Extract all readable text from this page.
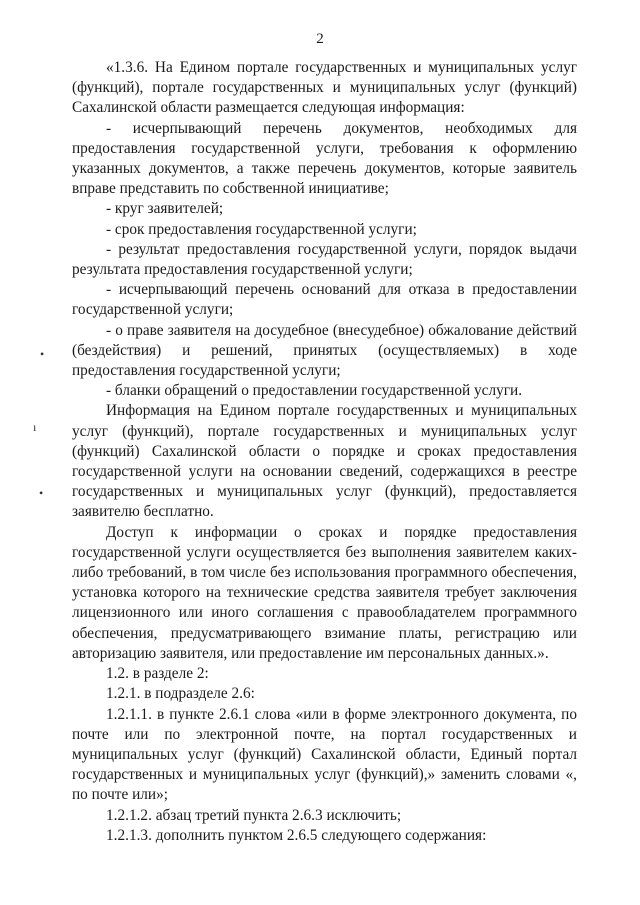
2
•
ı
•

«1.3.6. На Едином портале государственных и муниципальных услуг (функций), портале государственных и муниципальных услуг (функций) Сахалинской области размещается следующая информация:

- исчерпывающий перечень документов, необходимых для предоставления государственной услуги, требования к оформлению указанных документов, а также перечень документов, которые заявитель вправе представить по собственной инициативе;

- круг заявителей;

- срок предоставления государственной услуги;

- результат предоставления государственной услуги, порядок выдачи результата предоставления государственной услуги;

- исчерпывающий перечень оснований для отказа в предоставлении государственной услуги;

- о праве заявителя на досудебное (внесудебное) обжалование действий (бездействия) и решений, принятых (осуществляемых) в ходе предоставления государственной услуги;

- бланки обращений о предоставлении государственной услуги.

Информация на Едином портале государственных и муниципальных услуг (функций), портале государственных и муниципальных услуг (функций) Сахалинской области о порядке и сроках предоставления государственной услуги на основании сведений, содержащихся в реестре государственных и муниципальных услуг (функций), предоставляется заявителю бесплатно.

Доступ к информации о сроках и порядке предоставления государственной услуги осуществляется без выполнения заявителем каких-либо требований, в том числе без использования программного обеспечения, установка которого на технические средства заявителя требует заключения лицензионного или иного соглашения с правообладателем программного обеспечения, предусматривающего взимание платы, регистрацию или авторизацию заявителя, или предоставление им персональных данных.».

1.2. в разделе 2:

1.2.1. в подразделе 2.6:

1.2.1.1. в пункте 2.6.1 слова «или в форме электронного документа, по почте или по электронной почте, на портал государственных и муниципальных услуг (функций) Сахалинской области, Единый портал государственных и муниципальных услуг (функций),» заменить словами «, по почте или»;

1.2.1.2. абзац третий пункта 2.6.3 исключить;

1.2.1.3. дополнить пунктом 2.6.5 следующего содержания:
